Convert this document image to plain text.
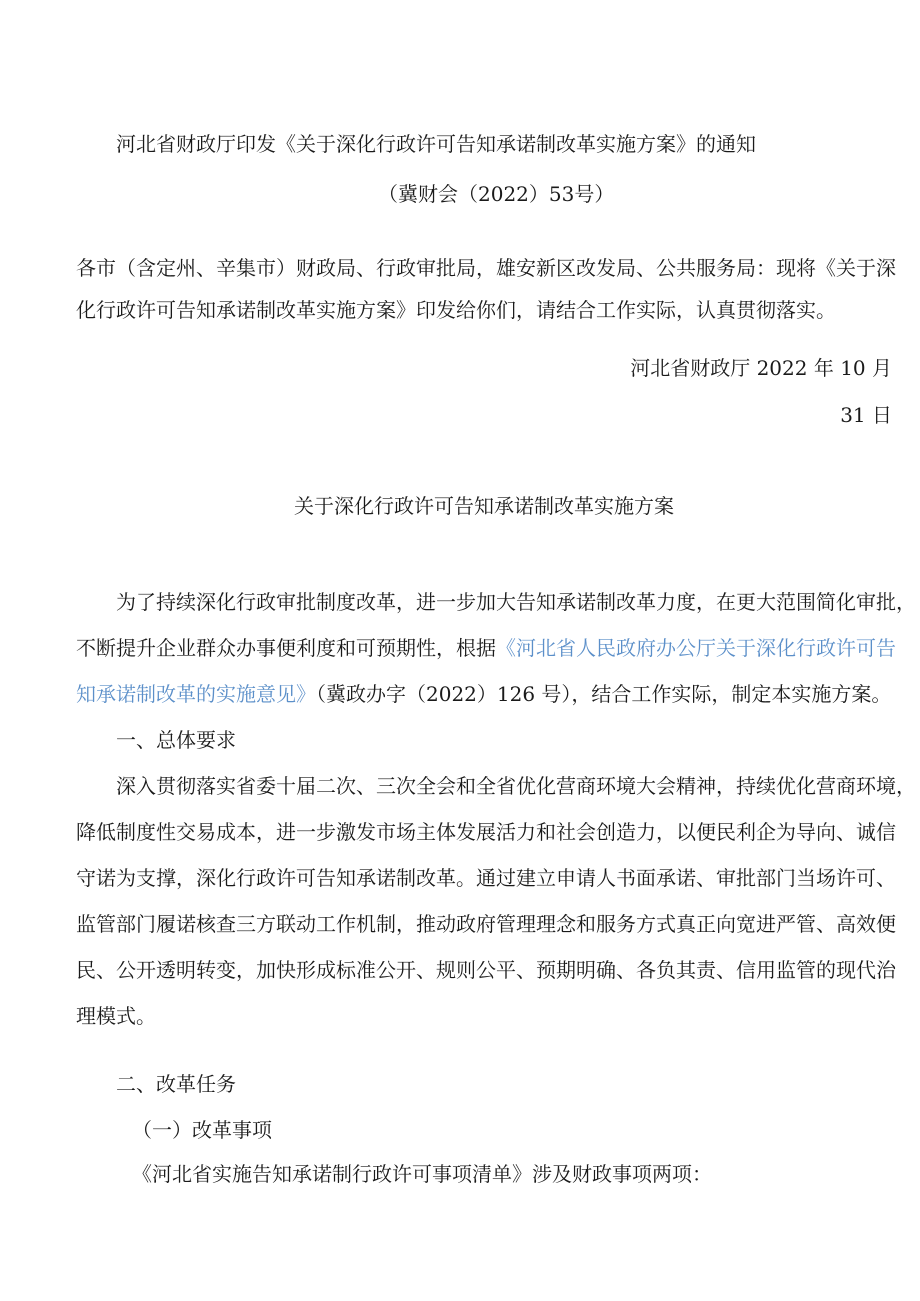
河北省财政厅印发《关于深化行政许可告知承诺制改革实施方案》的通知
（冀财会（2022）53号）
各市（含定州、辛集市）财政局、行政审批局，雄安新区改发局、公共服务局：现将《关于深
化行政许可告知承诺制改革实施方案》印发给你们，请结合工作实际，认真贯彻落实。
河北省财政厅 2022 年 10 月
31 日
关于深化行政许可告知承诺制改革实施方案
为了持续深化行政审批制度改革，进一步加大告知承诺制改革力度，在更大范围简化审批，
不断提升企业群众办事便利度和可预期性，根据《河北省人民政府办公厅关于深化行政许可告
知承诺制改革的实施意见》（冀政办字（2022）126 号），结合工作实际，制定本实施方案。
一、总体要求
深入贯彻落实省委十届二次、三次全会和全省优化营商环境大会精神，持续优化营商环境，
降低制度性交易成本，进一步激发市场主体发展活力和社会创造力，以便民利企为导向、诚信
守诺为支撑，深化行政许可告知承诺制改革。通过建立申请人书面承诺、审批部门当场许可、
监管部门履诺核查三方联动工作机制，推动政府管理理念和服务方式真正向宽进严管、高效便
民、公开透明转变，加快形成标准公开、规则公平、预期明确、各负其责、信用监管的现代治
理模式。
二、改革任务
（一）改革事项
《河北省实施告知承诺制行政许可事项清单》涉及财政事项两项：
